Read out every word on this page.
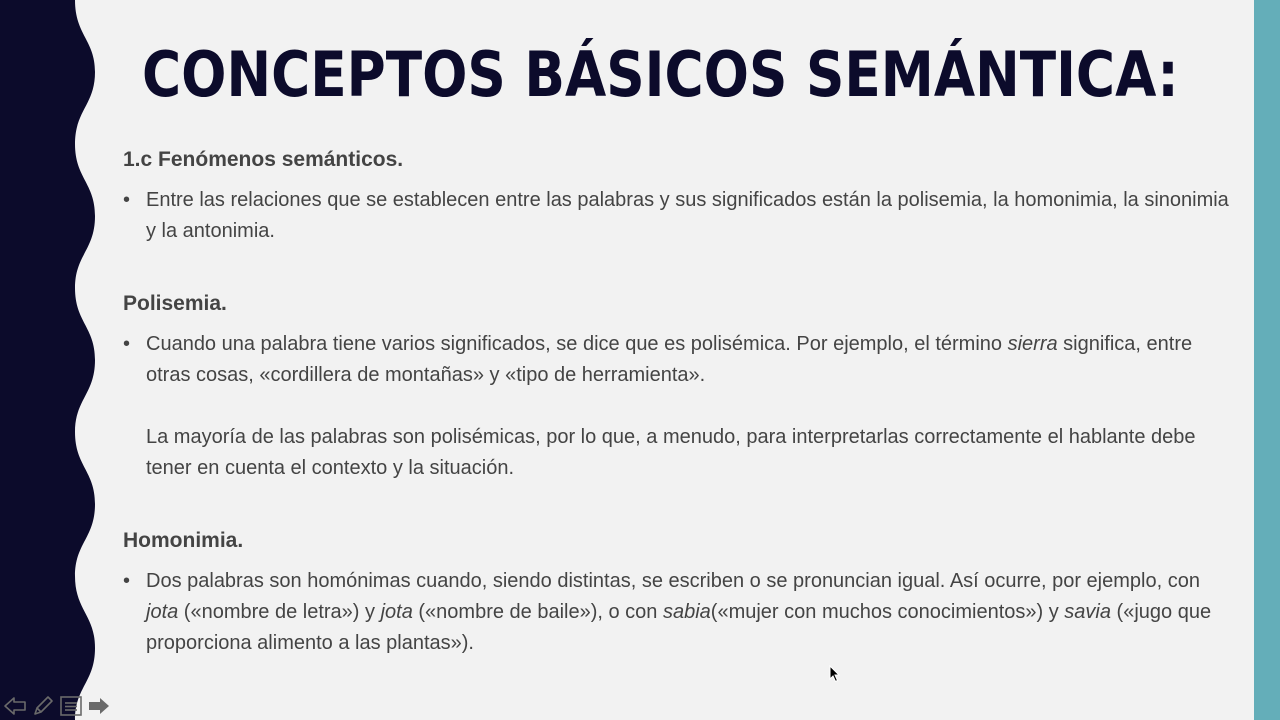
CONCEPTOS BÁSICOS SEMÁNTICA:

1.c Fenómenos semánticos.

• Entre las relaciones que se establecen entre las palabras y sus significados están la polisemia, la homonimia, la sinonimia y la antonimia.

Polisemia.

• Cuando una palabra tiene varios significados, se dice que es polisémica. Por ejemplo, el término sierra significa, entre otras cosas, «cordillera de montañas» y «tipo de herramienta».

La mayoría de las palabras son polisémicas, por lo que, a menudo, para interpretarlas correctamente el hablante debe tener en cuenta el contexto y la situación.

Homonimia.

• Dos palabras son homónimas cuando, siendo distintas, se escriben o se pronuncian igual. Así ocurre, por ejemplo, con jota («nombre de letra») y jota («nombre de baile»), o con sabia(«mujer con muchos conocimientos») y savia («jugo que proporciona alimento a las plantas»).
